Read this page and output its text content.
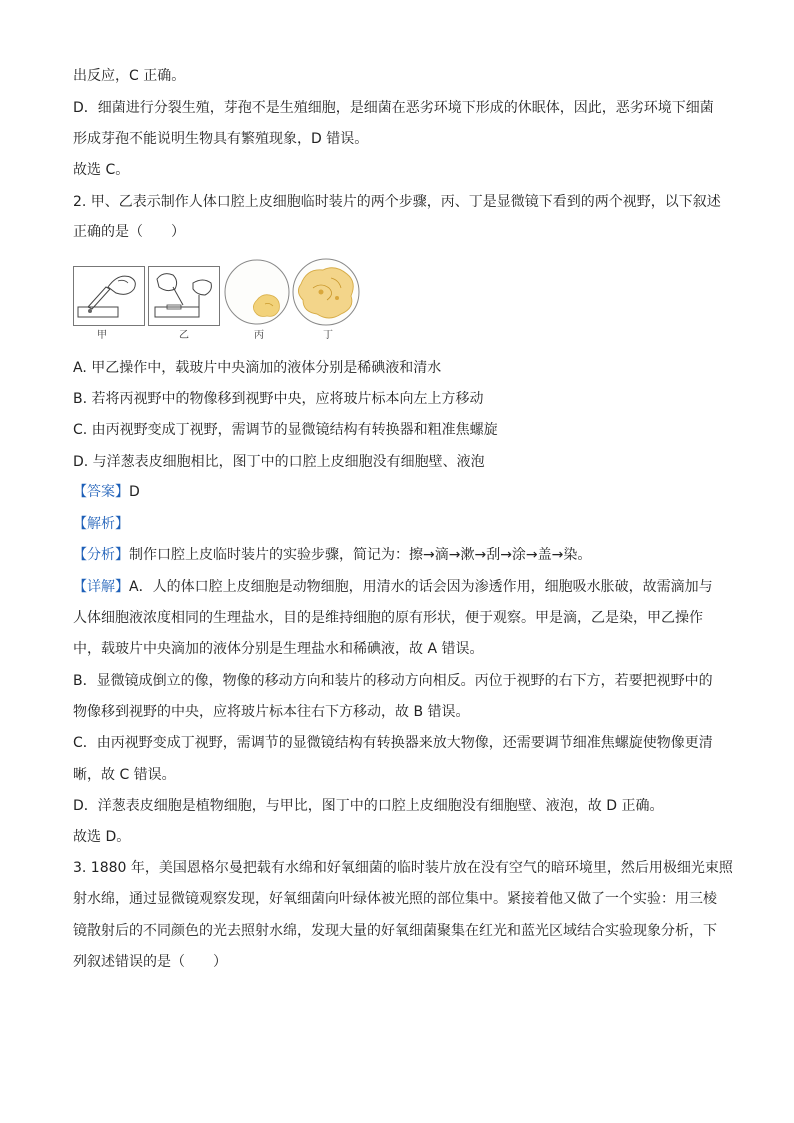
出反应，C 正确。
D．细菌进行分裂生殖，芽孢不是生殖细胞，是细菌在恶劣环境下形成的休眠体，因此，恶劣环境下细菌
形成芽孢不能说明生物具有繁殖现象，D 错误。
故选 C。
2. 甲、乙表示制作人体口腔上皮细胞临时装片的两个步骤，丙、丁是显微镜下看到的两个视野，以下叙述
正确的是（　　）
甲	乙	丙	丁
A. 甲乙操作中，载玻片中央滴加的液体分别是稀碘液和清水
B. 若将丙视野中的物像移到视野中央，应将玻片标本向左上方移动
C. 由丙视野变成丁视野，需调节的显微镜结构有转换器和粗准焦螺旋
D. 与洋葱表皮细胞相比，图丁中的口腔上皮细胞没有细胞壁、液泡
【答案】D
【解析】
【分析】制作口腔上皮临时装片的实验步骤，简记为：擦→滴→漱→刮→涂→盖→染。
【详解】A．人的体口腔上皮细胞是动物细胞，用清水的话会因为渗透作用，细胞吸水胀破，故需滴加与
人体细胞液浓度相同的生理盐水，目的是维持细胞的原有形状，便于观察。甲是滴，乙是染，甲乙操作
中，载玻片中央滴加的液体分别是生理盐水和稀碘液，故 A 错误。
B．显微镜成倒立的像，物像的移动方向和装片的移动方向相反。丙位于视野的右下方，若要把视野中的
物像移到视野的中央，应将玻片标本往右下方移动，故 B 错误。
C．由丙视野变成丁视野，需调节的显微镜结构有转换器来放大物像，还需要调节细准焦螺旋使物像更清
晰，故 C 错误。
D．洋葱表皮细胞是植物细胞，与甲比，图丁中的口腔上皮细胞没有细胞壁、液泡，故 D 正确。
故选 D。
3. 1880 年，美国恩格尔曼把载有水绵和好氧细菌的临时装片放在没有空气的暗环境里，然后用极细光束照
射水绵，通过显微镜观察发现，好氧细菌向叶绿体被光照的部位集中。紧接着他又做了一个实验：用三棱
镜散射后的不同颜色的光去照射水绵，发现大量的好氧细菌聚集在红光和蓝光区域结合实验现象分析，下
列叙述错误的是（　　）
